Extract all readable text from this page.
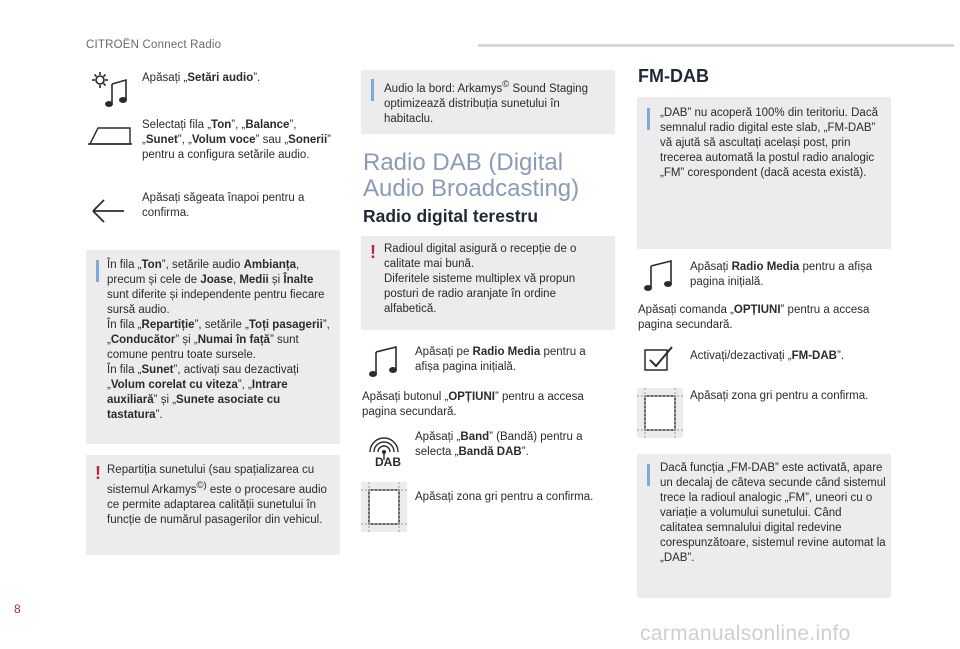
CITROËN Connect Radio
Apăsați „Setări audio”.
Selectați fila „Ton”, „Balance”, „Sunet”, „Volum voce” sau „Sonerii” pentru a configura setările audio.
Apăsați săgeata înapoi pentru a confirma.
În fila „Ton”, setările audio Ambianța, precum și cele de Joase, Medii și Înalte sunt diferite și independente pentru fiecare sursă audio.
În fila „Repartiție”, setările „Toți pasagerii”, „Conducător” și „Numai în față” sunt comune pentru toate sursele.
În fila „Sunet”, activați sau dezactivați „Volum corelat cu viteza”, „Intrare auxiliară” și „Sunete asociate cu tastatura”.
! Repartiția sunetului (sau spațializarea cu sistemul Arkamys©) este o procesare audio ce permite adaptarea calității sunetului în funcție de numărul pasagerilor din vehicul.
Audio la bord: Arkamys© Sound Staging optimizează distribuția sunetului în habitaclu.
Radio DAB (Digital Audio Broadcasting)
Radio digital terestru
! Radioul digital asigură o recepție de o calitate mai bună.
Diferitele sisteme multiplex vă propun posturi de radio aranjate în ordine alfabetică.
Apăsați pe Radio Media pentru a afișa pagina inițială.
Apăsați butonul „OPȚIUNI” pentru a accesa pagina secundară.
DAB
Apăsați „Band” (Bandă) pentru a selecta „Bandă DAB”.
Apăsați zona gri pentru a confirma.
FM-DAB
„DAB” nu acoperă 100% din teritoriu. Dacă semnalul radio digital este slab, „FM-DAB” vă ajută să ascultați același post, prin trecerea automată la postul radio analogic „FM” corespondent (dacă acesta există).
Apăsați Radio Media pentru a afișa pagina inițială.
Apăsați comanda „OPȚIUNI” pentru a accesa pagina secundară.
Activați/dezactivați „FM-DAB”.
Apăsați zona gri pentru a confirma.
Dacă funcția „FM-DAB” este activată, apare un decalaj de câteva secunde când sistemul trece la radioul analogic „FM”, uneori cu o variație a volumului sunetului. Când calitatea semnalului digital redevine corespunzătoare, sistemul revine automat la „DAB”.
8
carmanualsonline.info
